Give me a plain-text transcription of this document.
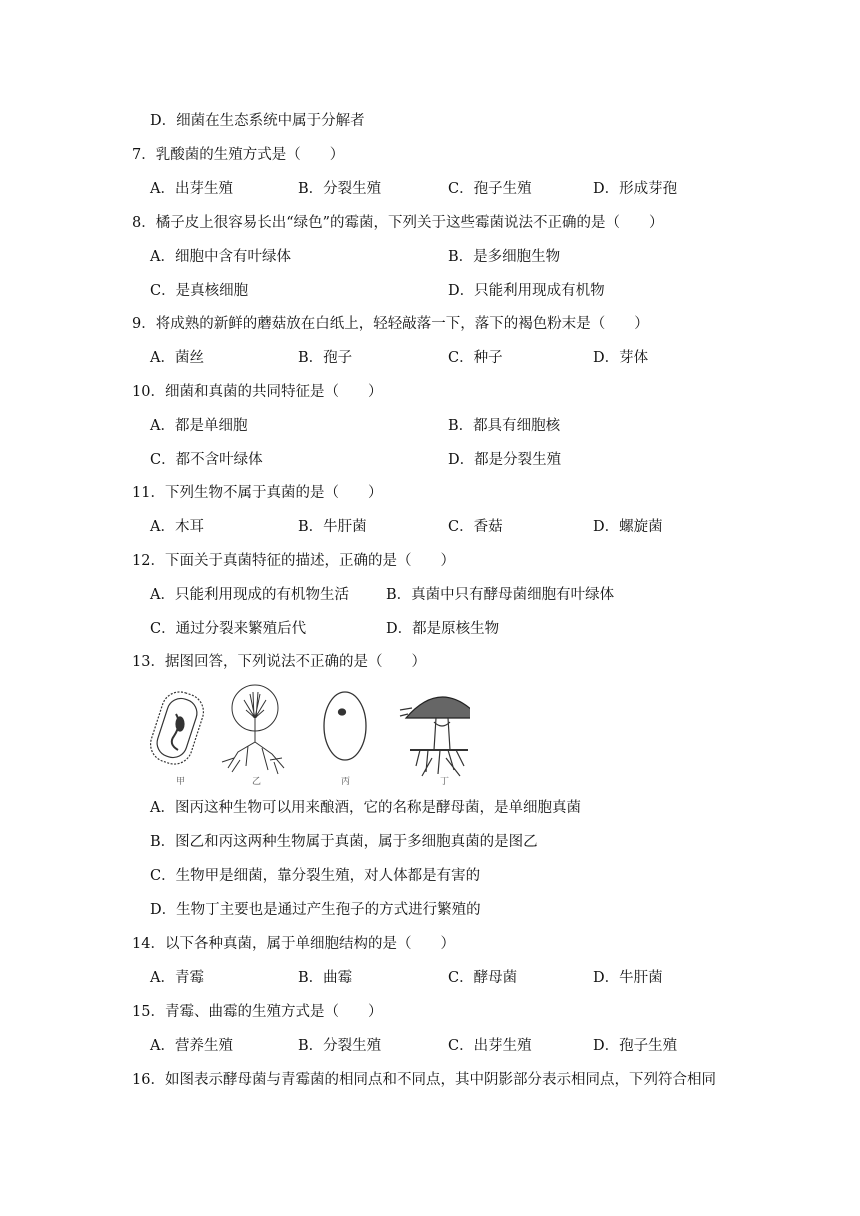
D．细菌在生态系统中属于分解者
7．乳酸菌的生殖方式是（　　）
A．出芽生殖	B．分裂生殖	C．孢子生殖	D．形成芽孢
8．橘子皮上很容易长出“绿色”的霉菌，下列关于这些霉菌说法不正确的是（　　）
A．细胞中含有叶绿体	B．是多细胞生物
C．是真核细胞	D．只能利用现成有机物
9．将成熟的新鲜的蘑菇放在白纸上，轻轻敲落一下，落下的褐色粉末是（　　）
A．菌丝	B．孢子	C．种子	D．芽体
10．细菌和真菌的共同特征是（　　）
A．都是单细胞	B．都具有细胞核
C．都不含叶绿体	D．都是分裂生殖
11．下列生物不属于真菌的是（　　）
A．木耳	B．牛肝菌	C．香菇	D．螺旋菌
12．下面关于真菌特征的描述，正确的是（　　）
A．只能利用现成的有机物生活	B．真菌中只有酵母菌细胞有叶绿体
C．通过分裂来繁殖后代	D．都是原核生物
13．据图回答，下列说法不正确的是（　　）
甲	乙	丙	丁
A．图丙这种生物可以用来酿酒，它的名称是酵母菌，是单细胞真菌
B．图乙和丙这两种生物属于真菌，属于多细胞真菌的是图乙
C．生物甲是细菌，靠分裂生殖，对人体都是有害的
D．生物丁主要也是通过产生孢子的方式进行繁殖的
14．以下各种真菌，属于单细胞结构的是（　　）
A．青霉	B．曲霉	C．酵母菌	D．牛肝菌
15．青霉、曲霉的生殖方式是（　　）
A．营养生殖	B．分裂生殖	C．出芽生殖	D．孢子生殖
16．如图表示酵母菌与青霉菌的相同点和不同点，其中阴影部分表示相同点，下列符合相同
